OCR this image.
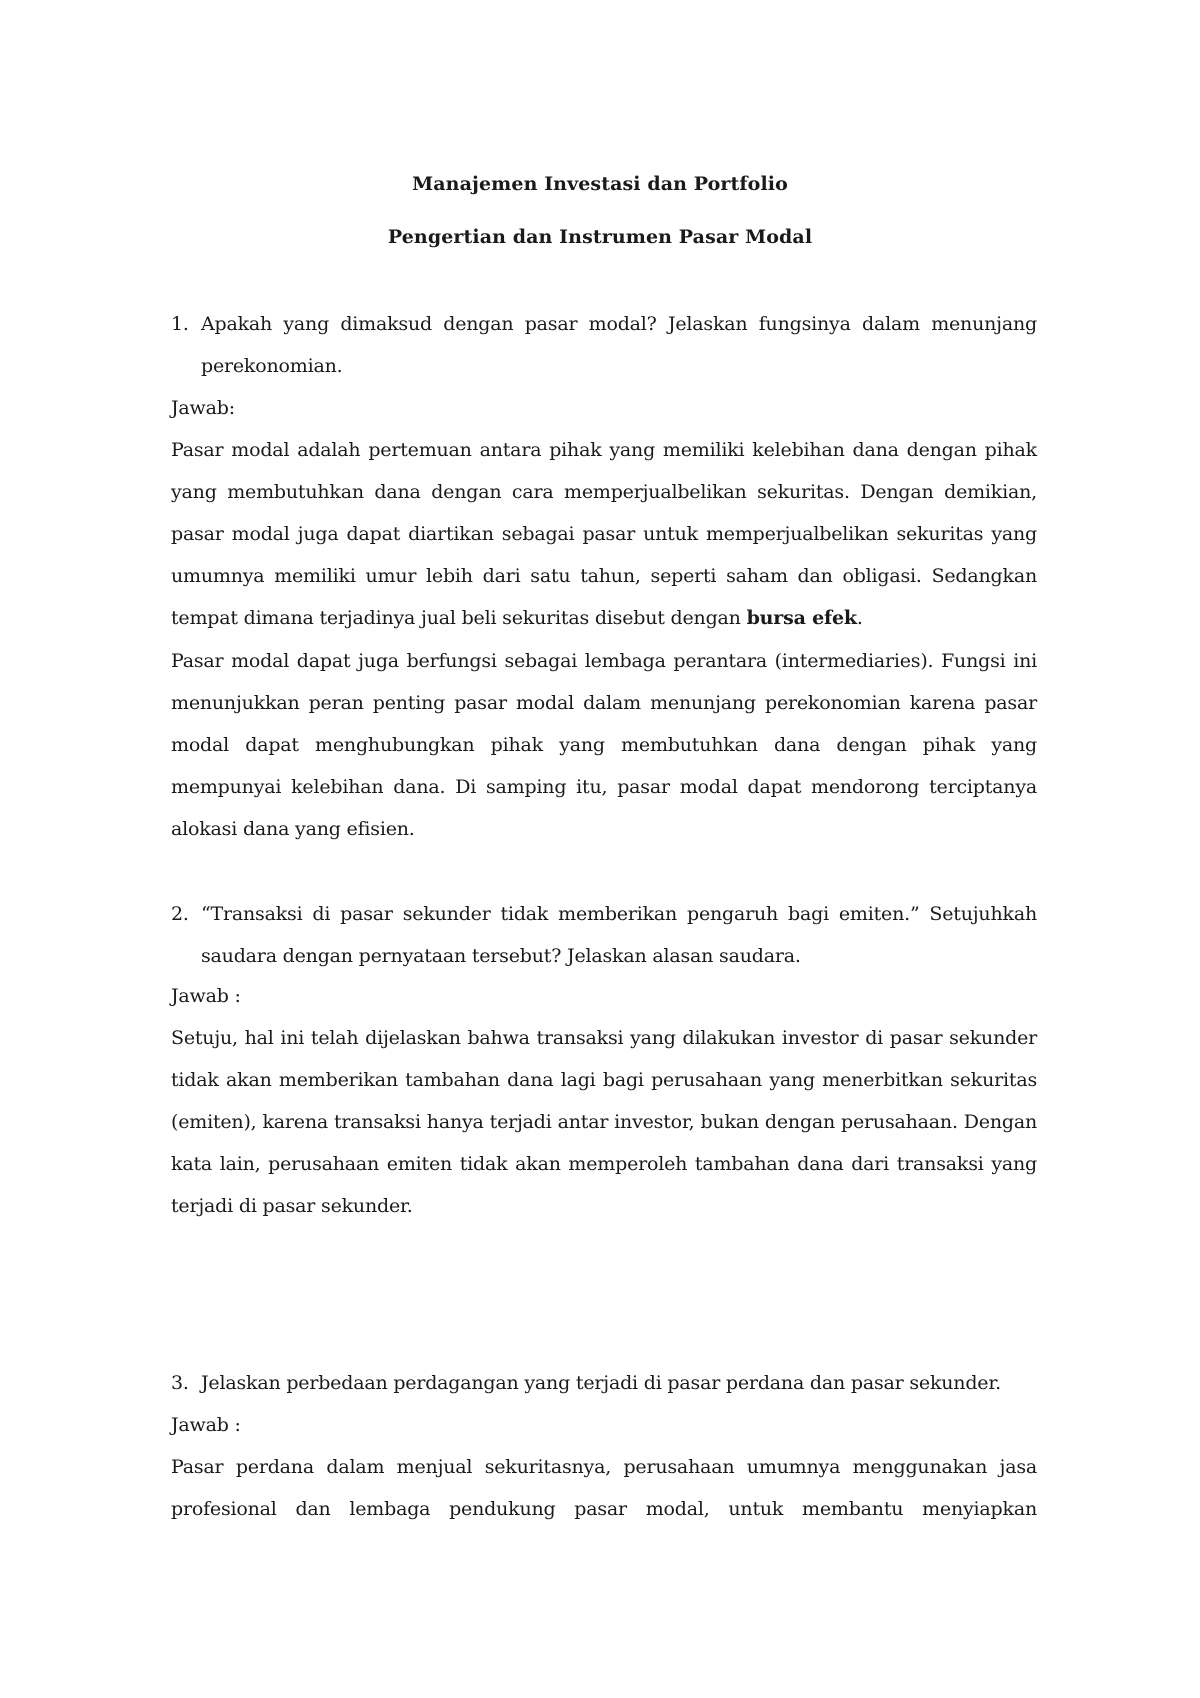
Manajemen Investasi dan Portfolio
Pengertian dan Instrumen Pasar Modal
1. Apakah yang dimaksud dengan pasar modal? Jelaskan fungsinya dalam menunjang perekonomian.
Jawab:
Pasar modal adalah pertemuan antara pihak yang memiliki kelebihan dana dengan pihak yang membutuhkan dana dengan cara memperjualbelikan sekuritas. Dengan demikian, pasar modal juga dapat diartikan sebagai pasar untuk memperjualbelikan sekuritas yang umumnya memiliki umur lebih dari satu tahun, seperti saham dan obligasi. Sedangkan tempat dimana terjadinya jual beli sekuritas disebut dengan bursa efek.
Pasar modal dapat juga berfungsi sebagai lembaga perantara (intermediaries). Fungsi ini menunjukkan peran penting pasar modal dalam menunjang perekonomian karena pasar modal dapat menghubungkan pihak yang membutuhkan dana dengan pihak yang mempunyai kelebihan dana. Di samping itu, pasar modal dapat mendorong terciptanya alokasi dana yang efisien.
2. “Transaksi di pasar sekunder tidak memberikan pengaruh bagi emiten.” Setujuhkah saudara dengan pernyataan tersebut? Jelaskan alasan saudara.
Jawab :
Setuju, hal ini telah dijelaskan bahwa transaksi yang dilakukan investor di pasar sekunder tidak akan memberikan tambahan dana lagi bagi perusahaan yang menerbitkan sekuritas (emiten), karena transaksi hanya terjadi antar investor, bukan dengan perusahaan. Dengan kata lain, perusahaan emiten tidak akan memperoleh tambahan dana dari transaksi yang terjadi di pasar sekunder.
3. Jelaskan perbedaan perdagangan yang terjadi di pasar perdana dan pasar sekunder.
Jawab :
Pasar perdana dalam menjual sekuritasnya, perusahaan umumnya menggunakan jasa profesional dan lembaga pendukung pasar modal, untuk membantu menyiapkan
